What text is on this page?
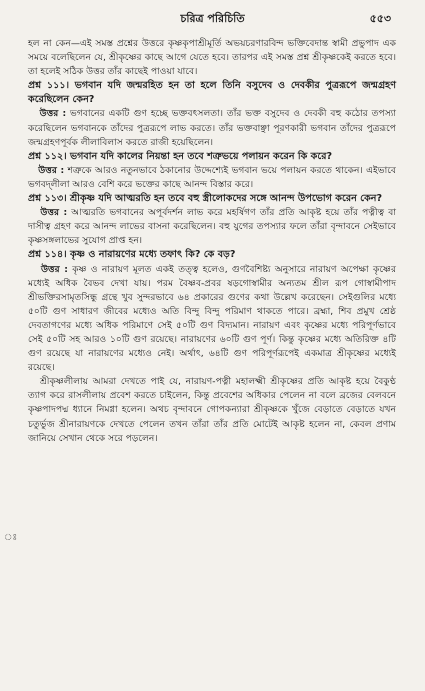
চরিত্র পরিচিতি	৫৫৩
ঃ

হল না কেন—এই সমস্ত প্রশ্নের উত্তরে কৃষ্ণকৃপাশ্রীমূর্তি অভয়চরণারবিন্দ ভক্তিবেদান্ত স্বামী প্রভুপাদ এক সময়ে বলেছিলেন যে, শ্রীকৃষ্ণের কাছে আগে যেতে হবে। তারপর এই সমস্ত প্রশ্ন শ্রীকৃষ্ণকেই করতে হবে। তা হলেই সঠিক উত্তর তাঁর কাছেই পাওয়া যাবে।

প্রশ্ন ১১১। ভগবান যদি জন্মরহিত হন তা হলে তিনি বসুদেব ও দেবকীর পুত্ররূপে জন্মগ্রহণ করেছিলেন কেন?

উত্তর : ভগবানের একটি গুণ হচ্ছে ভক্তবৎসলতা। তাঁর ভক্ত বসুদেব ও দেবকী বহু কঠোর তপস্যা করেছিলেন ভগবানকে তাঁদের পুত্ররূপে লাভ করতে। তাঁর ভক্তবাঞ্ছা পূরণকারী ভগবান তাঁদের পুত্ররূপে জন্মগ্রহণপূর্বক লীলাবিলাস করতে রাজী হয়েছিলেন।

প্রশ্ন ১১২। ভগবান যদি কালের নিয়ন্তা হন তবে শত্রুভয়ে পলায়ন করেন কি করে?

উত্তর : শত্রুকে আরও নতুনভাবে ঠকানোর উদ্দেশ্যেই ভগবান ভয়ে পলায়ন করতে থাকেন। এইভাবে ভগবদ্লীলা আরও বেশি করে ভক্তের কাছে আনন্দ বিস্তার করে।

প্রশ্ন ১১৩। শ্রীকৃষ্ণ যদি আত্মরতি হন তবে বহু স্ত্রীলোকদের সঙ্গে আনন্দ উপভোগ করেন কেন?

উত্তর : আত্মরতি ভগবানের অপূর্বদর্শন লাভ করে মহর্ষিগণ তাঁর প্রতি আকৃষ্ট হয়ে তাঁর পত্নীত্ব বা দাসীত্ব গ্রহণ করে আনন্দ লাভের বাসনা করেছিলেন। বহু যুগের তপস্যার ফলে তাঁরা বৃন্দাবনে সেইভাবে কৃষ্ণসঙ্গলাভের সুযোগ প্রাপ্ত হন।

প্রশ্ন ১১৪। কৃষ্ণ ও নারায়ণের মধ্যে তফাৎ কি? কে বড়?

উত্তর : কৃষ্ণ ও নারায়ণ মূলত একই তত্ত্ব হলেও, গুণবৈশিষ্ট্য অনুসারে নারায়ণ অপেক্ষা কৃষ্ণের মধ্যেই অধিক বৈভব দেখা যায়। পরম বৈষ্ণব-প্রবর ষড়গোস্বামীর অন্যতম শ্রীল রূপ গোস্বামীপাদ শ্রীভক্তিরসামৃতসিন্ধু গ্রন্থে খুব সুন্দরভাবে ৬৪ প্রকারের গুণের কথা উল্লেখ করেছেন। সেইগুলির মধ্যে ৫০টি গুণ সাধারণ জীবের মধ্যেও অতি বিন্দু বিন্দু পরিমাণ থাকতে পারে। ব্রহ্মা, শিব প্রমুখ শ্রেষ্ঠ দেবতাগণের মধ্যে অধিক পরিমাণে সেই ৫০টি গুণ বিদ্যমান। নারায়ণ এবং কৃষ্ণের মধ্যে পরিপূর্ণভাবে সেই ৫০টি সহ আরও ১০টি গুণ রয়েছে। নারায়ণের ৬০টি গুণ পূর্ণ। কিন্তু কৃষ্ণের মধ্যে অতিরিক্ত ৪টি গুণ রয়েছে যা নারায়ণের মধ্যেও নেই। অর্থাৎ, ৬৪টি গুণ পরিপূর্ণরূপেই একমাত্র শ্রীকৃষ্ণের মধ্যেই রয়েছে।

শ্রীকৃষ্ণলীলায় আমরা দেখতে পাই যে, নারায়ণ-পত্নী মহালক্ষ্মী শ্রীকৃষ্ণের প্রতি আকৃষ্ট হয়ে বৈকুণ্ঠ ত্যাগ করে রাসলীলায় প্রবেশ করতে চাইলেন, কিন্তু প্রবেশের অধিকার পেলেন না বলে ব্রজের বেলবনে কৃষ্ণপাদপদ্ম ধ্যানে নিমগ্না হলেন। অথচ বৃন্দাবনে গোপকন্যারা শ্রীকৃষ্ণকে খুঁজে বেড়াতে বেড়াতে যখন চতুর্ভুজ শ্রীনারায়ণকে দেখতে পেলেন তখন তাঁরা তাঁর প্রতি মোটেই আকৃষ্ট হলেন না, কেবল প্রণাম জানিয়ে সেখান থেকে সরে পড়লেন।
